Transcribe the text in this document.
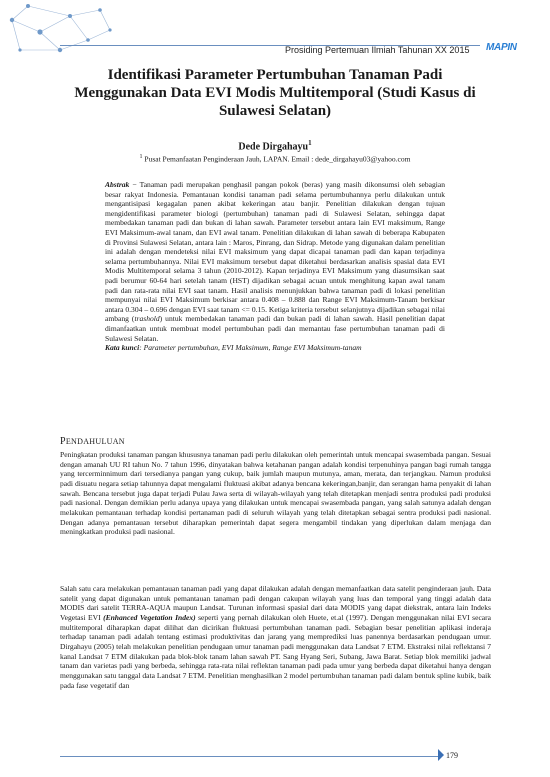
Prosiding Pertemuan Ilmiah Tahunan XX 2015 MAPIN
Identifikasi Parameter Pertumbuhan Tanaman Padi Menggunakan Data EVI Modis Multitemporal (Studi Kasus di Sulawesi Selatan)
Dede Dirgahayu$^1$
$^1$ Pusat Pemanfaatan Penginderaan Jauh, LAPAN. Email : dede_dirgahayu03@yahoo.com

Abstrak − Tanaman padi merupakan penghasil pangan pokok (beras) yang masih dikonsumsi oleh sebagian besar rakyat Indonesia. Pemantauan kondisi tanaman padi selama pertumbuhannya perlu dilakukan untuk mengantisipasi kegagalan panen akibat kekeringan atau banjir. Penelitian dilakukan dengan tujuan mengidentifikasi parameter biologi (pertumbuhan) tanaman padi di Sulawesi Selatan, sehingga dapat membedakan tanaman padi dan bukan di lahan sawah. Parameter tersebut antara lain EVI maksimum, Range EVI Maksimum-awal tanam, dan EVI awal tanam. Penelitian dilakukan di lahan sawah di beberapa Kabupaten di Provinsi Sulawesi Selatan, antara lain : Maros, Pinrang, dan Sidrap. Metode yang digunakan dalam penelitian ini adalah dengan mendeteksi nilai EVI maksimum yang dapat dicapai tanaman padi dan kapan terjadinya selama pertumbuhannya. Nilai EVI maksimum tersebut dapat diketahui berdasarkan analisis spasial data EVI Modis Multitemporal selama 3 tahun (2010-2012). Kapan terjadinya EVI Maksimum yang diasumsikan saat padi berumur 60-64 hari setelah tanam (HST) dijadikan sebagai acuan untuk menghitung kapan awal tanam padi dan rata-rata nilai EVI saat tanam. Hasil analisis menunjukkan bahwa tanaman padi di lokasi penelitian mempunyai nilai EVI Maksimum berkisar antara 0.408 – 0.888 dan Range EVI Maksimum-Tanam berkisar antara 0.304 – 0.696 dengan EVI saat tanam <= 0.15. Ketiga kriteria tersebut selanjutnya dijadikan sebagai nilai ambang (trashold) untuk membedakan tanaman padi dan bukan padi di lahan sawah. Hasil penelitian dapat dimanfaatkan untuk membuat model pertumbuhan padi dan memantau fase pertumbuhan tanaman padi di Sulawesi Selatan.

Kata kunci: Parameter pertumbuhan, EVI Maksimum, Range EVI Maksimum-tanam

PENDAHULUAN
Peningkatan produksi tanaman pangan khususnya tanaman padi perlu dilakukan oleh pemerintah untuk mencapai swasembada pangan. Sesuai dengan amanah UU RI tahun No. 7 tahun 1996, dinyatakan bahwa ketahanan pangan adalah kondisi terpenuhinya pangan bagi rumah tangga yang tercerminnimum dari tersedianya pangan yang cukup, baik jumlah maupun mutunya, aman, merata, dan terjangkau. Namun produksi padi disuatu negara setiap tahunnya dapat mengalami fluktuasi akibat adanya bencana kekeringan,banjir, dan serangan hama penyakit di lahan sawah. Bencana tersebut juga dapat terjadi Pulau Jawa serta di wilayah-wilayah yang telah ditetapkan menjadi sentra produksi padi produksi padi nasional. Dengan demikian perlu adanya upaya yang dilakukan untuk mencapai swasembada pangan, yang salah satunya adalah dengan melakukan pemantauan terhadap kondisi pertanaman padi di seluruh wilayah yang telah ditetapkan sebagai sentra produksi padi nasional. Dengan adanya pemantauan tersebut diharapkan pemerintah dapat segera mengambil tindakan yang diperlukan dalam menjaga dan meningkatkan produksi padi nasional.
Salah satu cara melakukan pemantauan tanaman padi yang dapat dilakukan adalah dengan memanfaatkan data satelit penginderaan jauh. Data satelit yang dapat digunakan untuk pemantauan tanaman padi dengan cakupan wilayah yang luas dan temporal yang tinggi adalah data MODIS dari satelit TERRA-AQUA maupun Landsat. Turunan informasi spasial dari data MODIS yang dapat diekstrak, antara lain Indeks Vegetasi EVI (Enhanced Vegetation Index) seperti yang pernah dilakukan oleh Huete, et.al (1997). Dengan menggunakan nilai EVI secara multitemporal diharapkan dapat dilihat dan dicirikan fluktuasi pertumbuhan tanaman padi. Sebagian besar penelitian aplikasi inderaja terhadap tanaman padi adalah tentang estimasi produktivitas dan jarang yang memprediksi luas panennya berdasarkan pendugaan umur. Dirgahayu (2005) telah melakukan penelitian pendugaan umur tanaman padi menggunakan data Landsat 7 ETM. Ekstraksi nilai reflektansi 7 kanal Landsat 7 ETM dilakukan pada blok-blok tanam lahan sawah PT. Sang Hyang Seri, Subang, Jawa Barat. Setiap blok memiliki jadwal tanam dan varietas padi yang berbeda, sehingga rata-rata nilai reflektan tanaman padi pada umur yang berbeda dapat diketahui hanya dengan menggunakan satu tanggal data Landsat 7 ETM. Penelitian menghasilkan 2 model pertumbuhan tanaman padi dalam bentuk spline kubik, baik pada fase vegetatif dan
179
